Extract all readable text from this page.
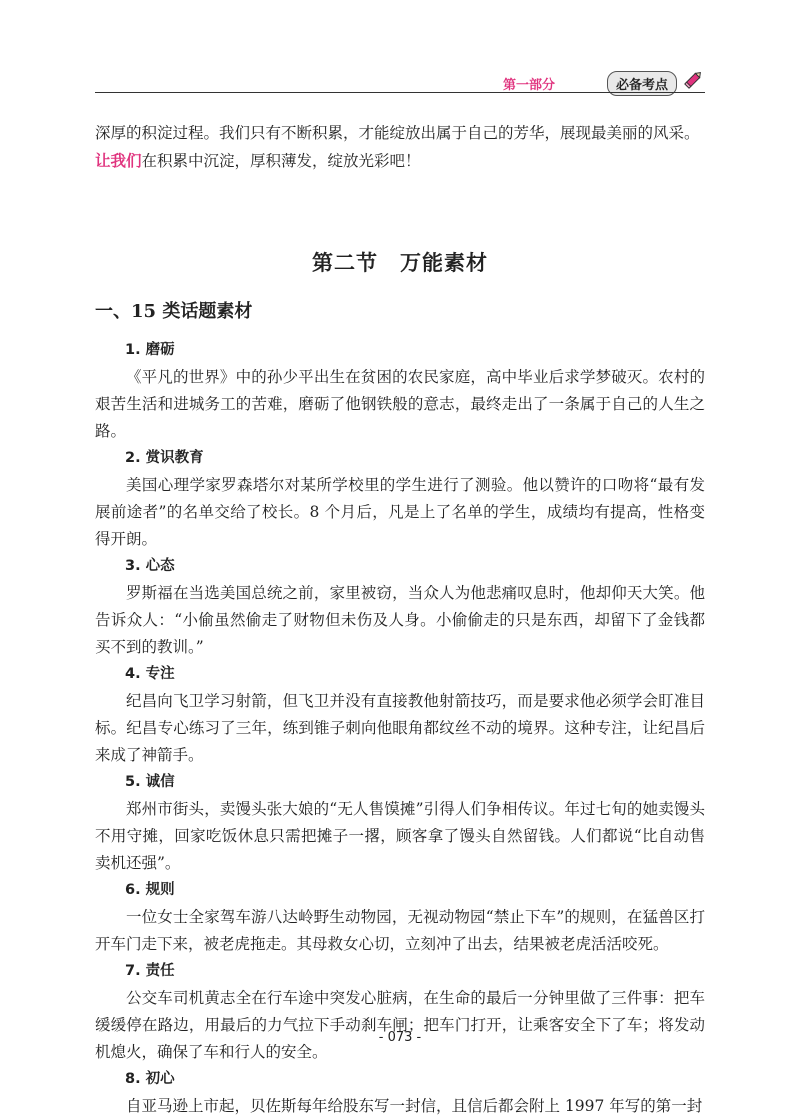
第一部分	必备考点

深厚的积淀过程。我们只有不断积累，才能绽放出属于自己的芳华，展现最美丽的风采。

让我们在积累中沉淀，厚积薄发，绽放光彩吧！

第二节　万能素材
一、15 类话题素材
1. 磨砺

《平凡的世界》中的孙少平出生在贫困的农民家庭，高中毕业后求学梦破灭。农村的艰苦生活和进城务工的苦难，磨砺了他钢铁般的意志，最终走出了一条属于自己的人生之路。

2. 赏识教育

美国心理学家罗森塔尔对某所学校里的学生进行了测验。他以赞许的口吻将“最有发展前途者”的名单交给了校长。8 个月后，凡是上了名单的学生，成绩均有提高，性格变得开朗。

3. 心态

罗斯福在当选美国总统之前，家里被窃，当众人为他悲痛叹息时，他却仰天大笑。他告诉众人：“小偷虽然偷走了财物但未伤及人身。小偷偷走的只是东西，却留下了金钱都买不到的教训。”

4. 专注

纪昌向飞卫学习射箭，但飞卫并没有直接教他射箭技巧，而是要求他必须学会盯准目标。纪昌专心练习了三年，练到锥子刺向他眼角都纹丝不动的境界。这种专注，让纪昌后来成了神箭手。

5. 诚信

郑州市街头，卖馒头张大娘的“无人售馍摊”引得人们争相传议。年过七旬的她卖馒头不用守摊，回家吃饭休息只需把摊子一撂，顾客拿了馒头自然留钱。人们都说“比自动售卖机还强”。

6. 规则

一位女士全家驾车游八达岭野生动物园，无视动物园“禁止下车”的规则，在猛兽区打开车门走下来，被老虎拖走。其母救女心切，立刻冲了出去，结果被老虎活活咬死。

7. 责任

公交车司机黄志全在行车途中突发心脏病，在生命的最后一分钟里做了三件事：把车缓缓停在路边，用最后的力气拉下手动刹车闸；把车门打开，让乘客安全下了车；将发动机熄火，确保了车和行人的安全。

8. 初心

自亚马逊上市起，贝佐斯每年给股东写一封信，且信后都会附上 1997 年写的第一封

- 073 -
